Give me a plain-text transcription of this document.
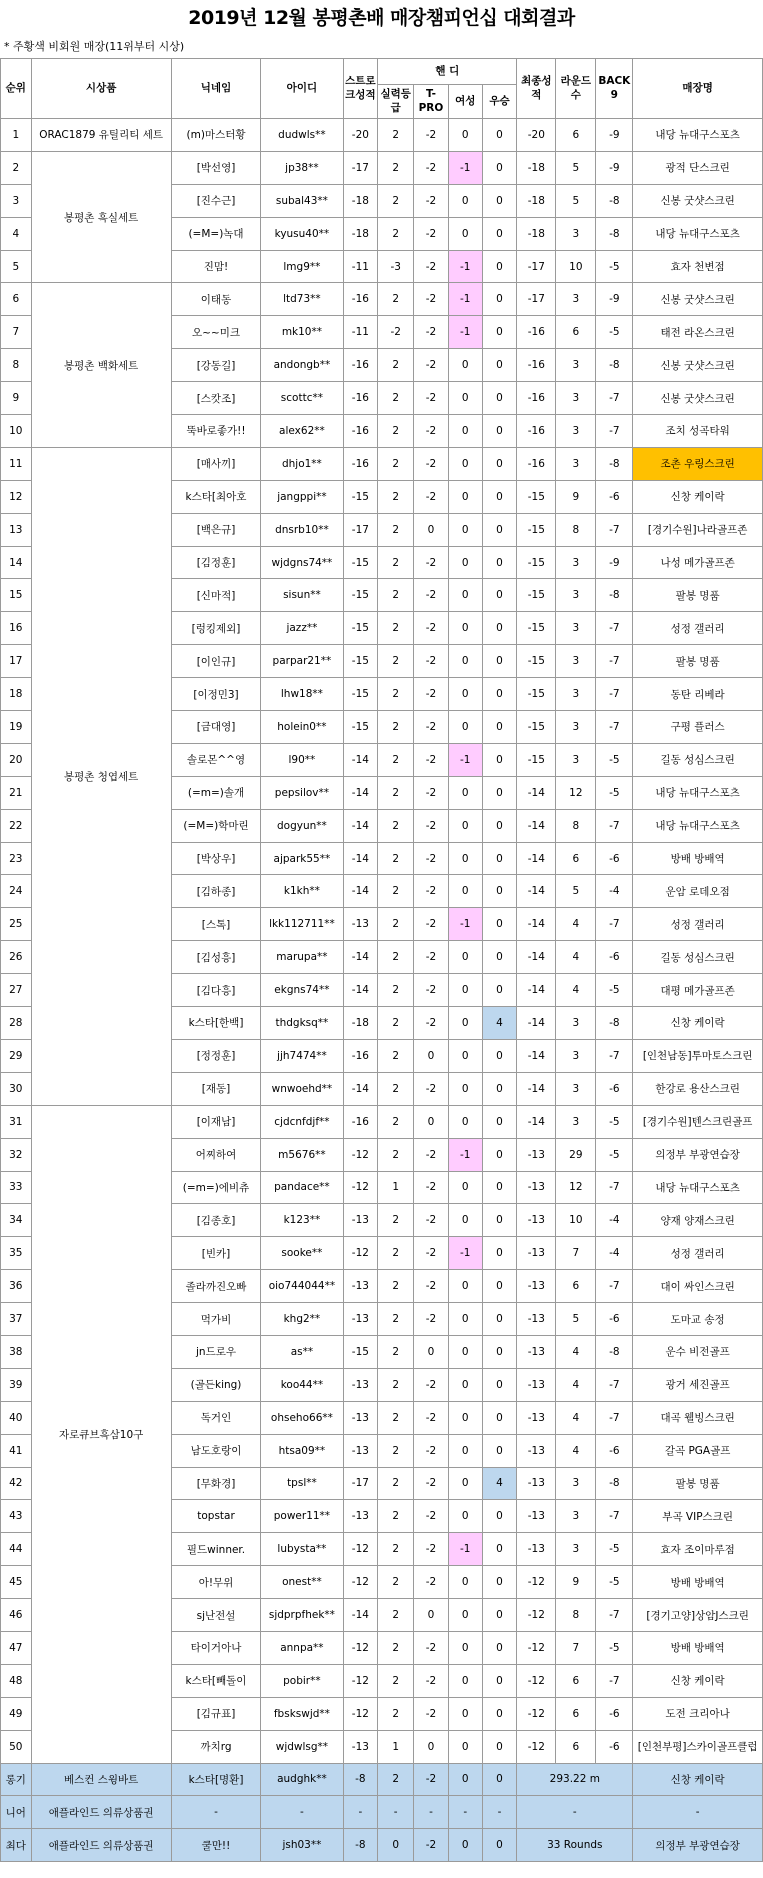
2019년 12월 봉평촌배 매장챔피언십 대회결과
* 주황색 비회원 매장(11위부터 시상)
순위	시상품	닉네임	아이디	스트로크성적	핸 디				최종성적	라운드수	BACK 9	매장명
					실력등급	T-PRO	여성	우승				
1	ORAC1879 유틸리티 세트	(m)마스터황	dudwls**	-20	2	-2	0	0	-20	6	-9	내당 뉴대구스포츠
2	봉평촌 흑실세트	[박선영]	jp38**	-17	2	-2	-1	0	-18	5	-9	광적 단스크린
3		[진수근]	subal43**	-18	2	-2	0	0	-18	5	-8	신봉 굿샷스크린
4		(=M=)녹대	kyusu40**	-18	2	-2	0	0	-18	3	-8	내당 뉴대구스포츠
5		진맘!	lmg9**	-11	-3	-2	-1	0	-17	10	-5	효자 천변점
6	봉평촌 백화세트	이태동	ltd73**	-16	2	-2	-1	0	-17	3	-9	신봉 굿샷스크린
7		오~~미크	mk10**	-11	-2	-2	-1	0	-16	6	-5	태전 라온스크린
8		[강동길]	andongb**	-16	2	-2	0	0	-16	3	-8	신봉 굿샷스크린
9		[스캇조]	scottc**	-16	2	-2	0	0	-16	3	-7	신봉 굿샷스크린
10		뚝바로좋가!!	alex62**	-16	2	-2	0	0	-16	3	-7	조치 성곡타워
11	봉평촌 청엽세트	[매사끼]	dhjo1**	-16	2	-2	0	0	-16	3	-8	조촌 우링스크린
12		k스타[최아호	jangppi**	-15	2	-2	0	0	-15	9	-6	신창 케이락
13		[백은규]	dnsrb10**	-17	2	0	0	0	-15	8	-7	[경기수원]나라골프존
14		[김정훈]	wjdgns74**	-15	2	-2	0	0	-15	3	-9	나성 메가골프존
15		[신마적]	sisun**	-15	2	-2	0	0	-15	3	-8	팔봉 명품
16		[렁킹제외]	jazz**	-15	2	-2	0	0	-15	3	-7	성정 갤러리
17		[이인규]	parpar21**	-15	2	-2	0	0	-15	3	-7	팔봉 명품
18		[이정민3]	lhw18**	-15	2	-2	0	0	-15	3	-7	동탄 리베라
19		[금대영]	holein0**	-15	2	-2	0	0	-15	3	-7	구평 플러스
20		솔로몬^^영	l90**	-14	2	-2	-1	0	-15	3	-5	길동 성심스크린
21		(=m=)솔개	pepsilov**	-14	2	-2	0	0	-14	12	-5	내당 뉴대구스포츠
22		(=M=)학마린	dogyun**	-14	2	-2	0	0	-14	8	-7	내당 뉴대구스포츠
23		[박상우]	ajpark55**	-14	2	-2	0	0	-14	6	-6	방배 방배역
24		[김하종]	k1kh**	-14	2	-2	0	0	-14	5	-4	운암 로데오점
25		[스톡]	lkk112711**	-13	2	-2	-1	0	-14	4	-7	성정 갤러리
26		[김성흥]	marupa**	-14	2	-2	0	0	-14	4	-6	길동 성심스크린
27		[김다흥]	ekgns74**	-14	2	-2	0	0	-14	4	-5	대평 메가골프존
28		k스타[한백]	thdgksq**	-18	2	-2	0	4	-14	3	-8	신창 케이락
29		[정정훈]	jjh7474**	-16	2	0	0	0	-14	3	-7	[인천남동]투마토스크린
30		[재동]	wnwoehd**	-14	2	-2	0	0	-14	3	-6	한강로 용산스크린
31	자로큐브흑삼10구	[이재남]	cjdcnfdjf**	-16	2	0	0	0	-14	3	-5	[경기수원]텐스크린골프
32		어찌하여	m5676**	-12	2	-2	-1	0	-13	29	-5	의정부 부광연습장
33		(=m=)에비츄	pandace**	-12	1	-2	0	0	-13	12	-7	내당 뉴대구스포츠
34		[김종호]	k123**	-13	2	-2	0	0	-13	10	-4	양재 양재스크린
35		[빈카]	sooke**	-12	2	-2	-1	0	-13	7	-4	성정 갤러리
36		졸라까진오빠	oio744044**	-13	2	-2	0	0	-13	6	-7	대이 싸인스크린
37		먹가비	khg2**	-13	2	-2	0	0	-13	5	-6	도마교 송정
38		jn드로우	as**	-15	2	0	0	0	-13	4	-8	운수 비전골프
39		(골든king)	koo44**	-13	2	-2	0	0	-13	4	-7	광거 세진골프
40		독거인	ohseho66**	-13	2	-2	0	0	-13	4	-7	대곡 웰빙스크린
41		남도호랑이	htsa09**	-13	2	-2	0	0	-13	4	-6	갈곡 PGA골프
42		[무화경]	tpsl**	-17	2	-2	0	4	-13	3	-8	팔봉 명품
43		topstar	power11**	-13	2	-2	0	0	-13	3	-7	부곡 VIP스크린
44		필드winner.	lubysta**	-12	2	-2	-1	0	-13	3	-5	효자 조이마루점
45		아!무위	onest**	-12	2	-2	0	0	-12	9	-5	방배 방배역
46		sj난전설	sjdprpfhek**	-14	2	0	0	0	-12	8	-7	[경기고양]상암J스크린
47		타이거아나	annpa**	-12	2	-2	0	0	-12	7	-5	방배 방배역
48		k스타[빼돌이	pobir**	-12	2	-2	0	0	-12	6	-7	신창 케이락
49		[김규표]	fbskswjd**	-12	2	-2	0	0	-12	6	-6	도전 크리아나
50		까치rg	wjdwlsg**	-13	1	0	0	0	-12	6	-6	[인천부평]스카이골프클럽
롱기	베스컨 스윙바트	k스타[명환]	audghk**	-8	2	-2	0	0	293.22 m			신창 케이락
니어	애플라인드 의류상품권	-	-	-	-	-	-	-	-			-
최다	애플라인드 의류상품권	쿨만!!	jsh03**	-8	0	-2	0	0	33 Rounds			의정부 부광연습장
